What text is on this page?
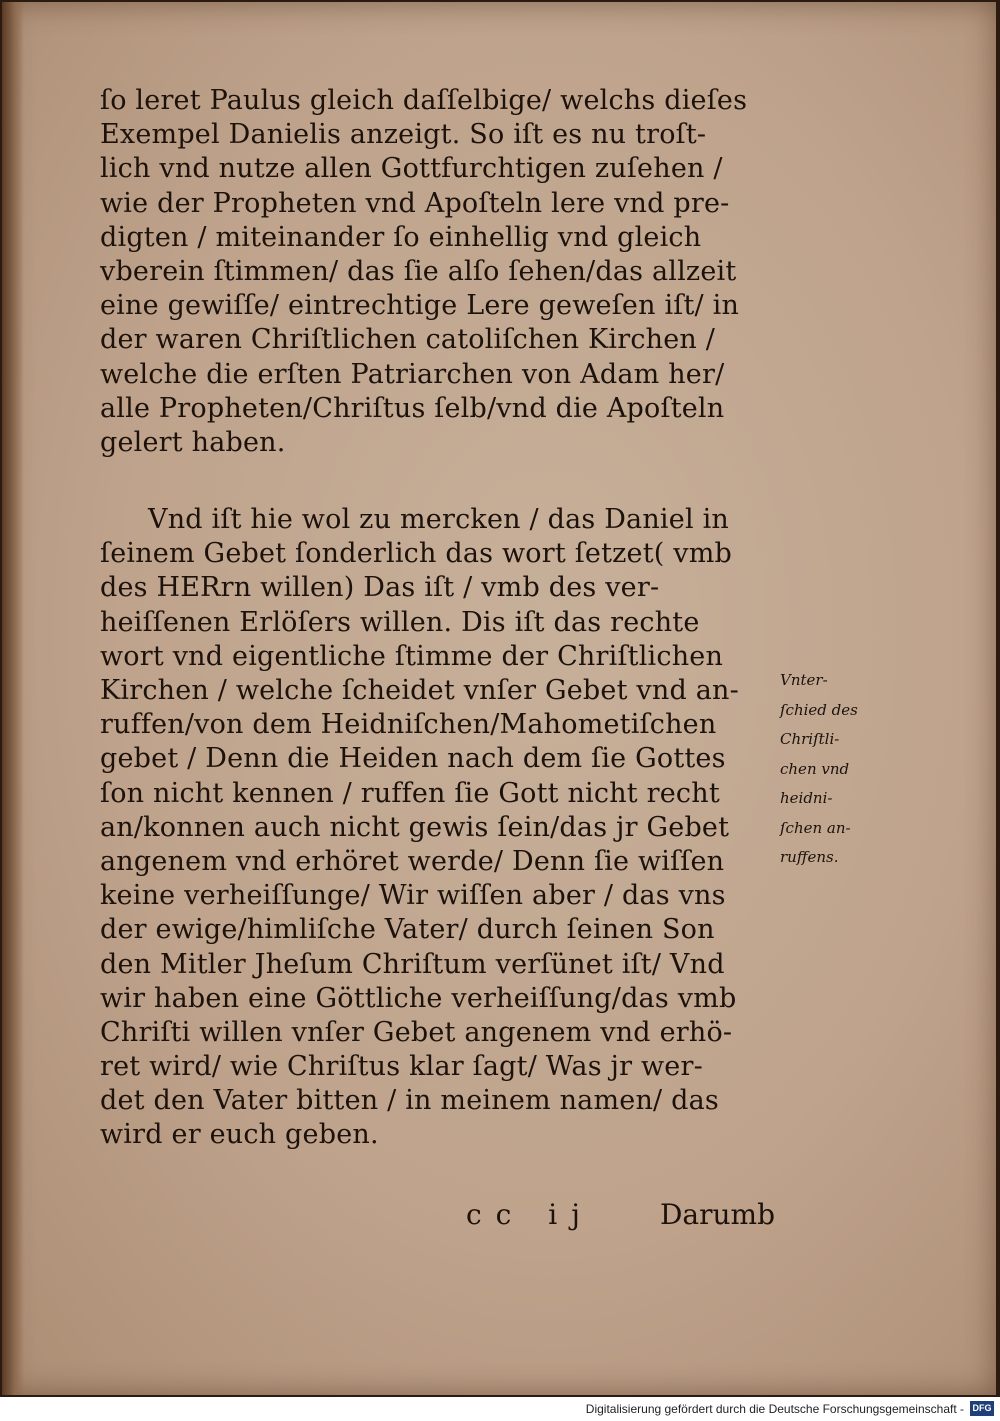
ſo leret Paulus gleich daſſelbige/ welchs dieſes
Exempel Danielis anzeigt. So iſt es nu troſt-
lich vnd nutze allen Gottfurchtigen zuſehen /
wie der Propheten vnd Apoſteln lere vnd pre-
digten / miteinander ſo einhellig vnd gleich
vberein ſtimmen/ das ſie alſo ſehen/das allzeit
eine gewiſſe/ eintrechtige Lere geweſen iſt/ in
der waren Chriſtlichen catoliſchen Kirchen /
welche die erſten Patriarchen von Adam her/
alle Propheten/Chriſtus ſelb/vnd die Apoſteln
gelert haben.
Vnd iſt hie wol zu mercken / das Daniel in
ſeinem Gebet ſonderlich das wort ſetzet( vmb
des HERrn willen) Das iſt / vmb des ver-
heiſſenen Erlöſers willen. Dis iſt das rechte
wort vnd eigentliche ſtimme der Chriſtlichen
Kirchen / welche ſcheidet vnſer Gebet vnd an-
ruffen/von dem Heidniſchen/Mahometiſchen
gebet / Denn die Heiden nach dem ſie Gottes
ſon nicht kennen / ruffen ſie Gott nicht recht
an/konnen auch nicht gewis ſein/das jr Gebet
angenem vnd erhöret werde/ Denn ſie wiſſen
keine verheiſſunge/ Wir wiſſen aber / das vns
der ewige/himliſche Vater/ durch ſeinen Son
den Mitler Jheſum Chriſtum verſünet iſt/ Vnd
wir haben eine Göttliche verheiſſung/das vmb
Chriſti willen vnſer Gebet angenem vnd erhö-
ret wird/ wie Chriſtus klar ſagt/ Was jr wer-
det den Vater bitten / in meinem namen/ das
wird er euch geben.
Vnter-
ſchied des
Chriſtli-
chen vnd
heidni-
ſchen an-
ruffens.
cc ij Darumb
Digitalisierung gefördert durch die Deutsche Forschungsgemeinschaft - DFG
